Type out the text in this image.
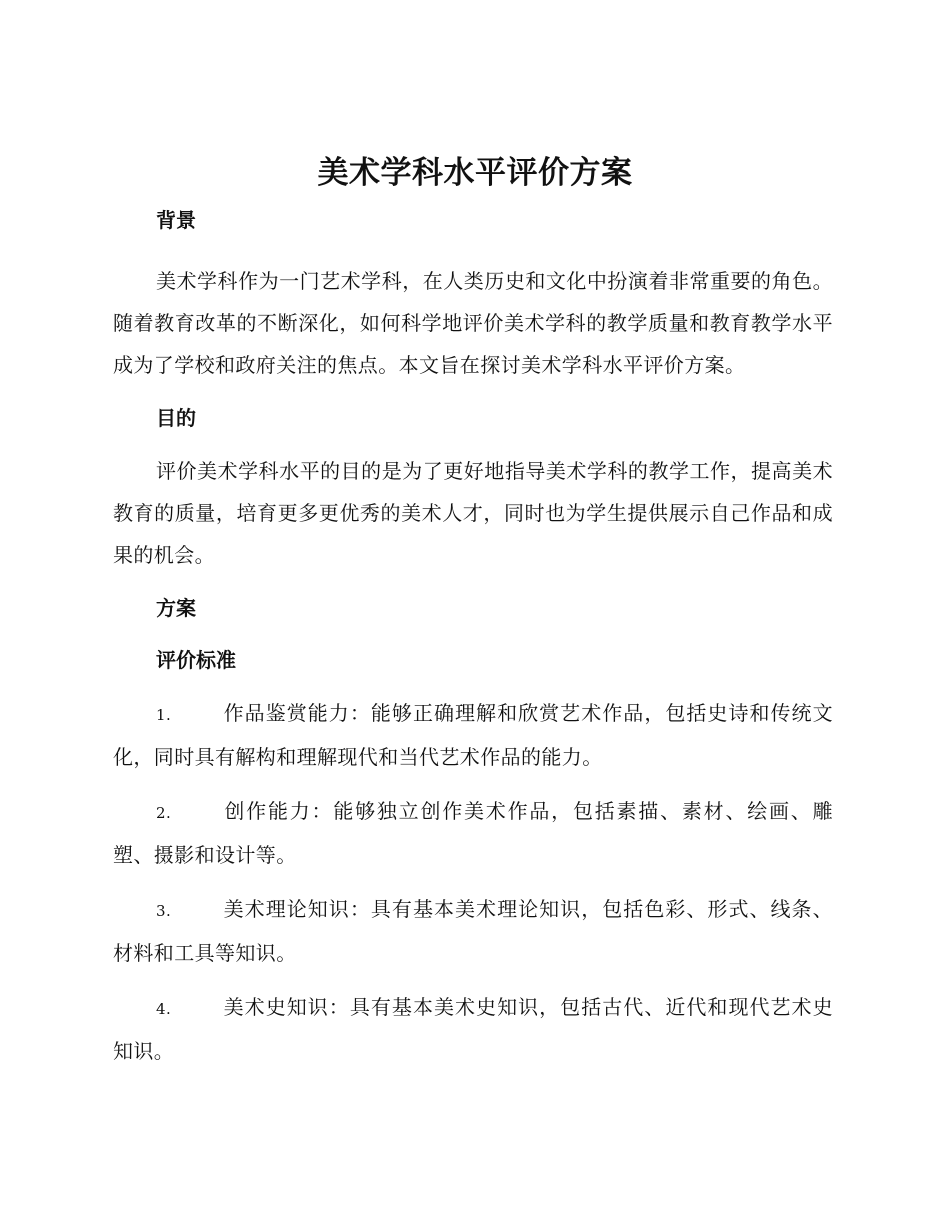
美术学科水平评价方案

背景

美术学科作为一门艺术学科，在人类历史和文化中扮演着非常重要的角色。随着教育改革的不断深化，如何科学地评价美术学科的教学质量和教育教学水平成为了学校和政府关注的焦点。本文旨在探讨美术学科水平评价方案。

目的

评价美术学科水平的目的是为了更好地指导美术学科的教学工作，提高美术教育的质量，培育更多更优秀的美术人才，同时也为学生提供展示自己作品和成果的机会。

方案

评价标准

1.	作品鉴赏能力：能够正确理解和欣赏艺术作品，包括史诗和传统文化，同时具有解构和理解现代和当代艺术作品的能力。

2.	创作能力：能够独立创作美术作品，包括素描、素材、绘画、雕塑、摄影和设计等。

3.	美术理论知识：具有基本美术理论知识，包括色彩、形式、线条、材料和工具等知识。

4.	美术史知识：具有基本美术史知识，包括古代、近代和现代艺术史知识。
